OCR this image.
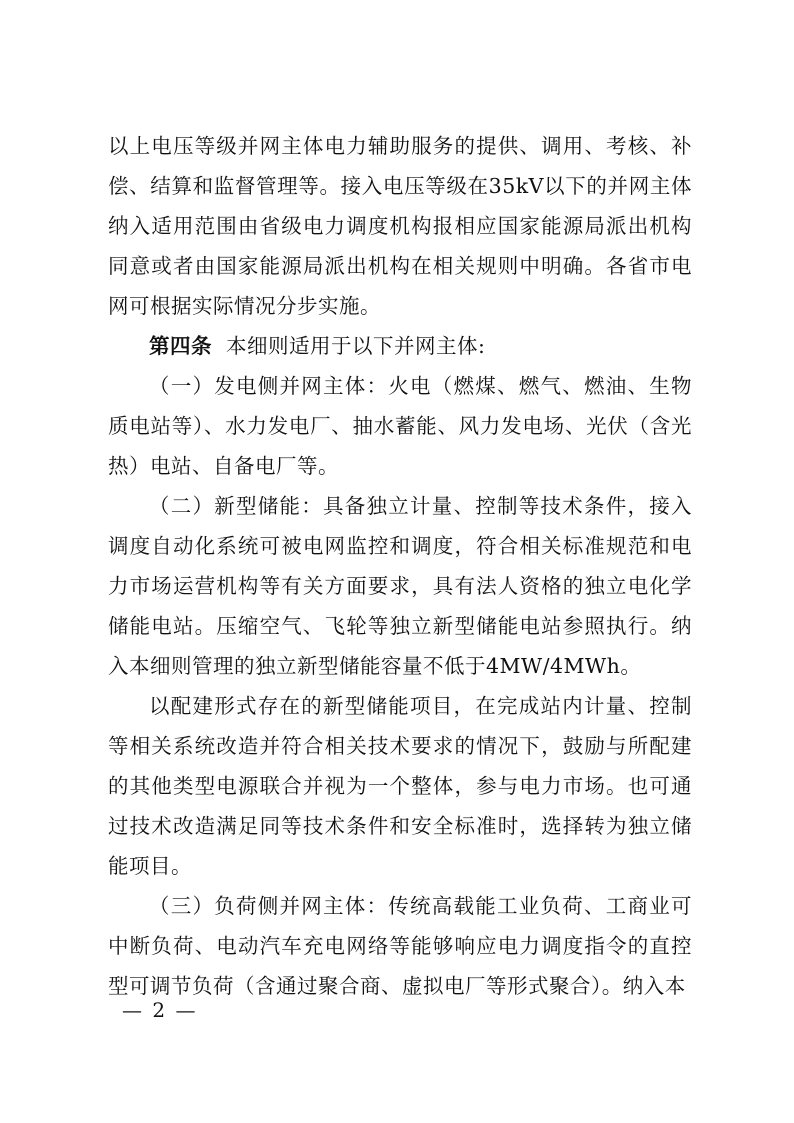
以上电压等级并网主体电力辅助服务的提供、调用、考核、补偿、结算和监督管理等。接入电压等级在35kV以下的并网主体纳入适用范围由省级电力调度机构报相应国家能源局派出机构同意或者由国家能源局派出机构在相关规则中明确。各省市电网可根据实际情况分步实施。

第四条 本细则适用于以下并网主体:

（一）发电侧并网主体：火电（燃煤、燃气、燃油、生物质电站等）、水力发电厂、抽水蓄能、风力发电场、光伏（含光热）电站、自备电厂等。

（二）新型储能：具备独立计量、控制等技术条件，接入调度自动化系统可被电网监控和调度，符合相关标准规范和电力市场运营机构等有关方面要求，具有法人资格的独立电化学储能电站。压缩空气、飞轮等独立新型储能电站参照执行。纳入本细则管理的独立新型储能容量不低于4MW/4MWh。

以配建形式存在的新型储能项目，在完成站内计量、控制等相关系统改造并符合相关技术要求的情况下，鼓励与所配建的其他类型电源联合并视为一个整体，参与电力市场。也可通过技术改造满足同等技术条件和安全标准时，选择转为独立储能项目。

（三）负荷侧并网主体：传统高载能工业负荷、工商业可中断负荷、电动汽车充电网络等能够响应电力调度指令的直控型可调节负荷（含通过聚合商、虚拟电厂等形式聚合）。纳入本

— 2 —
